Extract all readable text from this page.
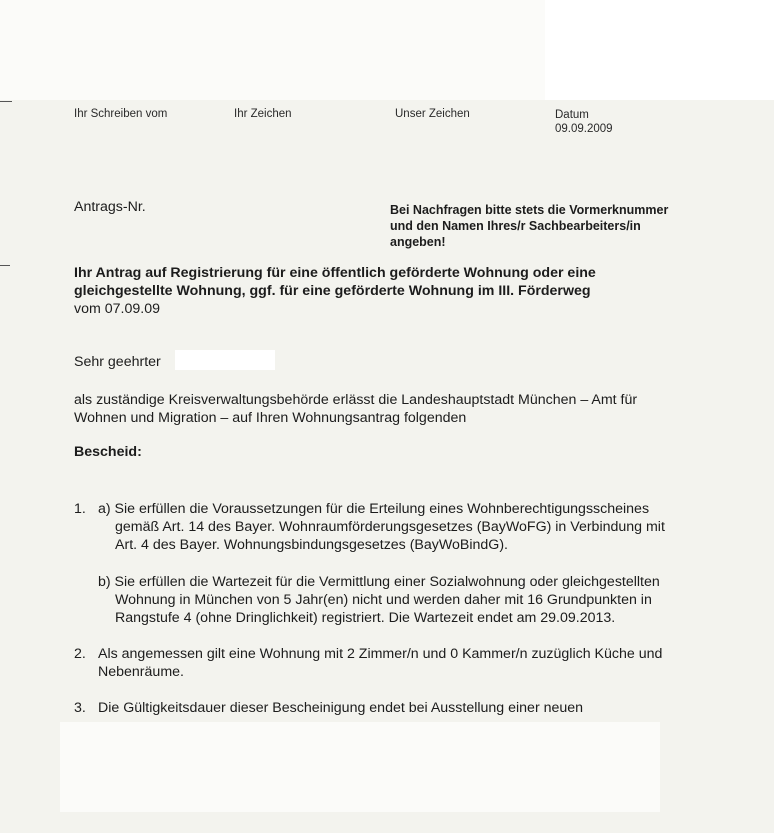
Ihr Schreiben vom	Ihr Zeichen	Unser Zeichen	Datum
09.09.2009
Antrags-Nr.	Bei Nachfragen bitte stets die Vormerknummer
und den Namen Ihres/r Sachbearbeiters/in
angeben!
Ihr Antrag auf Registrierung für eine öffentlich geförderte Wohnung oder eine
gleichgestellte Wohnung, ggf. für eine geförderte Wohnung im III. Förderweg
vom 07.09.09
Sehr geehrter
als zuständige Kreisverwaltungsbehörde erlässt die Landeshauptstadt München – Amt für
Wohnen und Migration – auf Ihren Wohnungsantrag folgenden
Bescheid:
1. a) Sie erfüllen die Voraussetzungen für die Erteilung eines Wohnberechtigungsscheines
gemäß Art. 14 des Bayer. Wohnraumförderungsgesetzes (BayWoFG) in Verbindung mit
Art. 4 des Bayer. Wohnungsbindungsgesetzes (BayWoBindG).
b) Sie erfüllen die Wartezeit für die Vermittlung einer Sozialwohnung oder gleichgestellten
Wohnung in München von 5 Jahr(en) nicht und werden daher mit 16 Grundpunkten in
Rangstufe 4 (ohne Dringlichkeit) registriert. Die Wartezeit endet am 29.09.2013.
2. Als angemessen gilt eine Wohnung mit 2 Zimmer/n und 0 Kammer/n zuzüglich Küche und
Nebenräume.
3. Die Gültigkeitsdauer dieser Bescheinigung endet bei Ausstellung einer neuen
